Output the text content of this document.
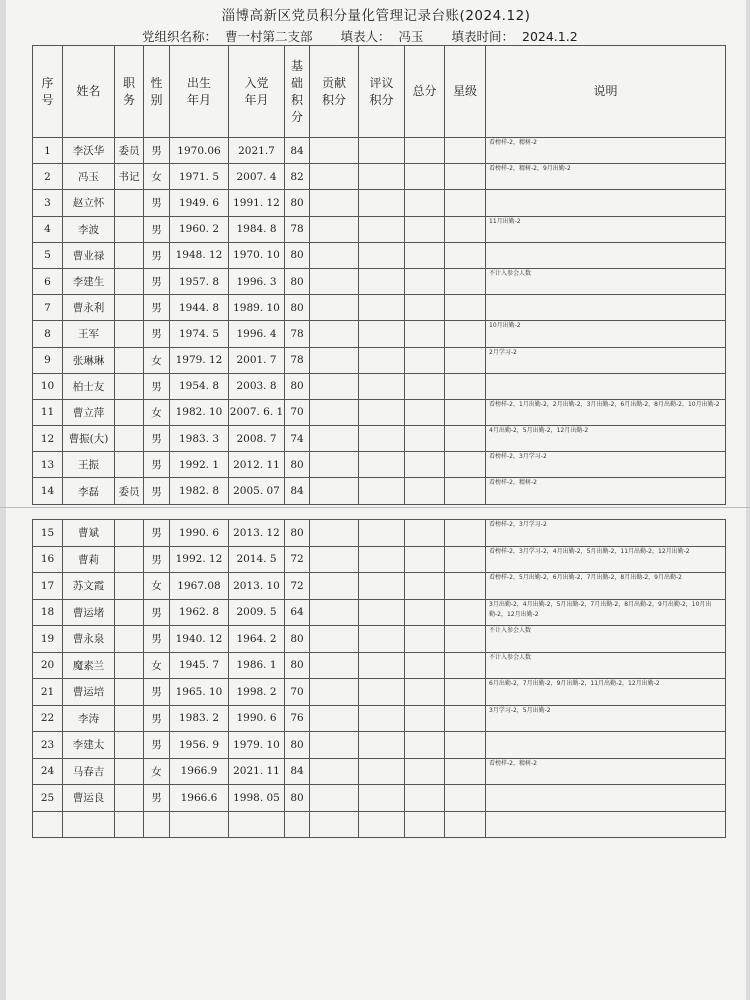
淄博高新区党员积分量化管理记录台账(2024.12)
党组织名称： 曹一村第二支部 填表人： 冯玉 填表时间： 2024.1.2
序号	姓名	职务	性别	出生年月	入党年月	基础积分	贡献积分	评议积分	总分	星级	说明
1	李沃华	委员	男	1970.06	2021.7	84					看榜样-2，精树-2
2	冯玉	书记	女	1971. 5	2007. 4	82					看榜样-2，精树-2，9月出勤-2
3	赵立怀		男	1949. 6	1991. 12	80					
4	李波		男	1960. 2	1984. 8	78					11月出勤-2
5	曹业禄		男	1948. 12	1970. 10	80					
6	李建生		男	1957. 8	1996. 3	80					不计入参会人数
7	曹永利		男	1944. 8	1989. 10	80					
8	王军		男	1974. 5	1996. 4	78					10月出勤-2
9	张琳琳		女	1979. 12	2001. 7	78					2月学习-2
10	柏士友		男	1954. 8	2003. 8	80					
11	曹立萍		女	1982. 10	2007. 6. 1	70					看榜样-2，1月出勤-2，2月出勤-2，3月出勤-2，6月出勤-2，8月出勤-2，10月出勤-2
12	曹振(大)		男	1983. 3	2008. 7	74					4月出勤-2，5月出勤-2，12月出勤-2
13	王振		男	1992. 1	2012. 11	80					看榜样-2，3月学习-2
14	李磊	委员	男	1982. 8	2005. 07	84					看榜样-2，精树-2
15	曹斌		男	1990. 6	2013. 12	80					看榜样-2，3月学习-2
16	曹莉		男	1992. 12	2014. 5	72					看榜样-2，3月学习-2，4月出勤-2，5月出勤-2，11月出勤-2，12月出勤-2
17	苏文霞		女	1967.08	2013. 10	72					看榜样-2，5月出勤-2，6月出勤-2，7月出勤-2，8月出勤-2，9月出勤-2
18	曹运堵		男	1962. 8	2009. 5	64					3月出勤-2，4月出勤-2，5月出勤-2，7月出勤-2，8月出勤-2，9月出勤-2，10月出勤-2，12月出勤-2
19	曹永泉		男	1940. 12	1964. 2	80					不计入参会人数
20	魔素兰		女	1945. 7	1986. 1	80					不计入参会人数
21	曹运培		男	1965. 10	1998. 2	70					6月出勤-2，7月出勤-2，9月出勤-2，11月出勤-2，12月出勤-2
22	李涛		男	1983. 2	1990. 6	76					3月学习-2，5月出勤-2
23	李建太		男	1956. 9	1979. 10	80					
24	马春吉		女	1966.9	2021. 11	84					看榜样-2，精树-2
25	曹运良		男	1966.6	1998. 05	80					
